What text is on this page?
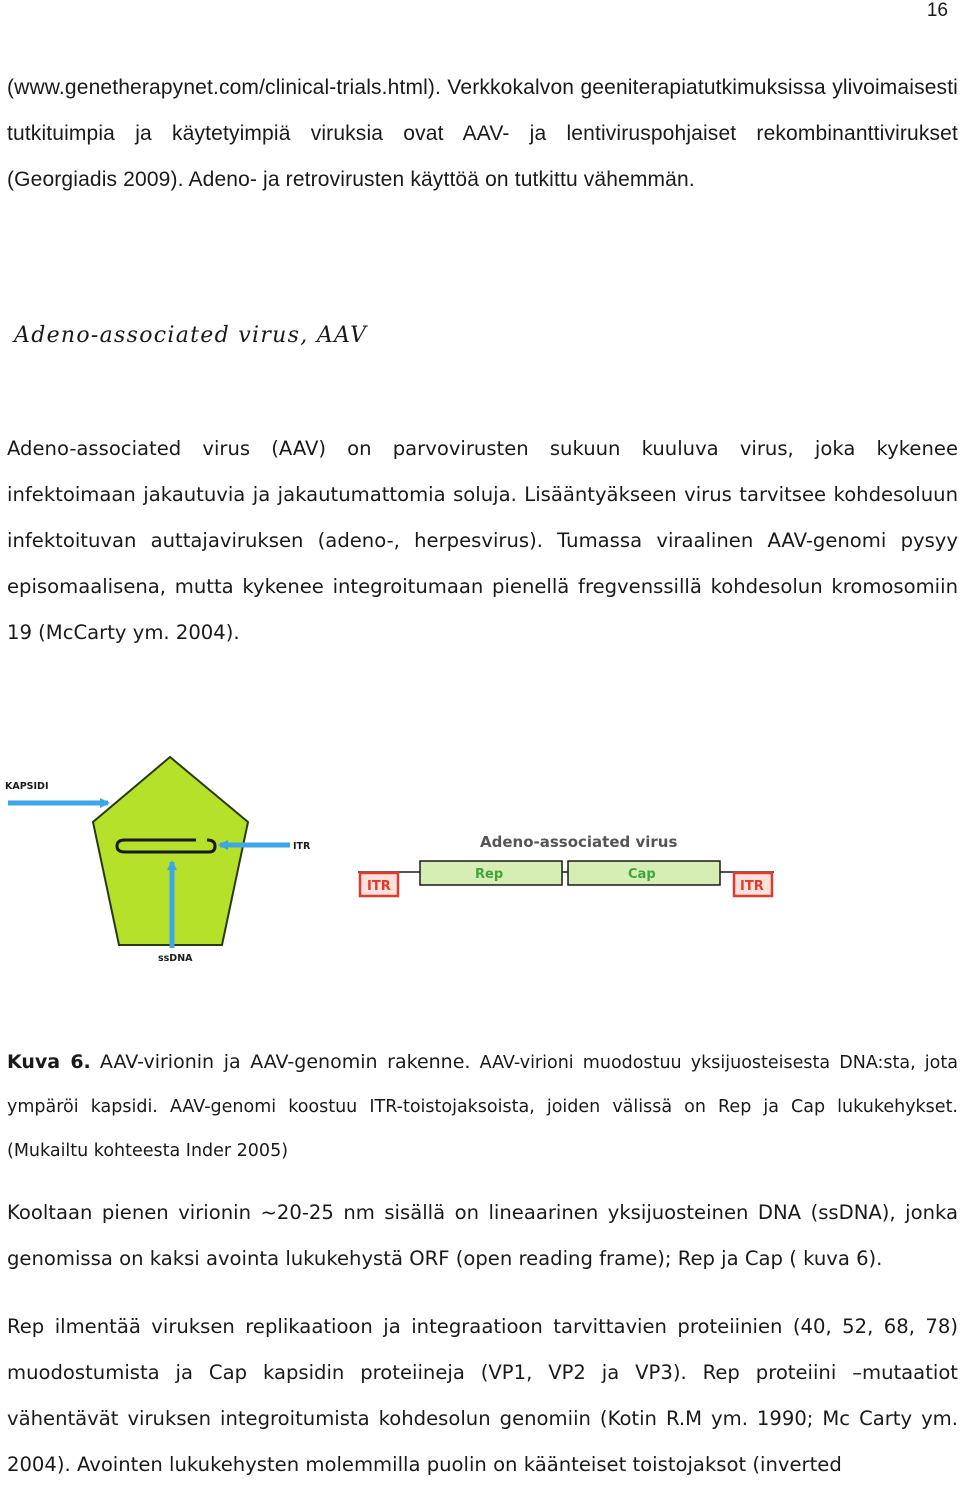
16

(www.genetherapynet.com/clinical-trials.html). Verkkokalvon geeniterapiatutkimuksissa ylivoimaisesti tutkituimpia ja käytetyimpiä viruksia ovat AAV- ja lentiviruspohjaiset rekombinanttivirukset (Georgiadis 2009). Adeno- ja retrovirusten käyttöä on tutkittu vähemmän.

Adeno-associated virus, AAV

Adeno-associated virus (AAV) on parvovirusten sukuun kuuluva virus, joka kykenee infektoimaan jakautuvia ja jakautumattomia soluja. Lisääntyäkseen virus tarvitsee kohdesoluun infektoituvan auttajaviruksen (adeno-, herpesvirus). Tumassa viraalinen AAV-genomi pysyy episomaalisena, mutta kykenee integroitumaan pienellä fregvenssillä kohdesolun kromosomiin 19 (McCarty ym. 2004).

KAPSIDI
ITR
ssDNA
Adeno-associated virus
ITR
Rep	Cap
ITR

Kuva 6. AAV-virionin ja AAV-genomin rakenne. AAV-virioni muodostuu yksijuosteisesta DNA:sta, jota ympäröi kapsidi. AAV-genomi koostuu ITR-toistojaksoista, joiden välissä on Rep ja Cap lukukehykset. (Mukailtu kohteesta Inder 2005)

Kooltaan pienen virionin ~20-25 nm sisällä on lineaarinen yksijuosteinen DNA (ssDNA), jonka genomissa on kaksi avointa lukukehystä ORF (open reading frame); Rep ja Cap ( kuva 6).

Rep ilmentää viruksen replikaatioon ja integraatioon tarvittavien proteiinien (40, 52, 68, 78) muodostumista ja Cap kapsidin proteiineja (VP1, VP2 ja VP3). Rep proteiini –mutaatiot vähentävät viruksen integroitumista kohdesolun genomiin (Kotin R.M ym. 1990; Mc Carty ym. 2004). Avointen lukukehysten molemmilla puolin on käänteiset toistojaksot (inverted
